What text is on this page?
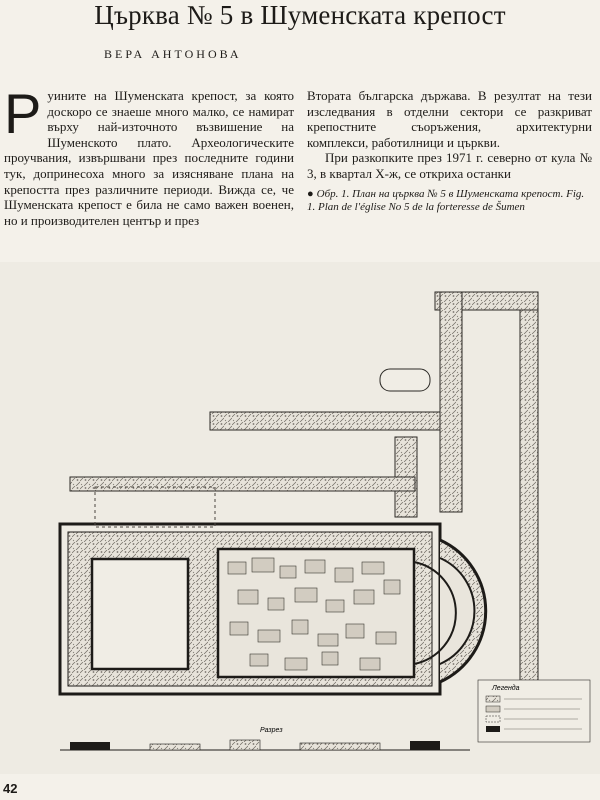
Църква № 5 в Шуменската крепост

ВЕРА АНТОНОВА

Р уините на Шуменската крепост, за която доскоро се знаеше много малко, се намират върху най-източното възвишение на Шуменското плато. Археологическите проучвания, извършвани през последните години тук, допринесоха много за изясняване плана на крепостта през различните периоди. Вижда се, че Шуменската крепост е била не само важен военен, но и производителен център и през

Втората българска държава. В резултат на тези изследвания в отделни сектори се разкриват крепостните съоръжения, архитектурни комплекси, работилници и църкви.

При разкопките през 1971 г. северно от кула № 3, в квартал Х-ж, се откриха останки

● Обр. 1. План на църква № 5 в Шуменската крепост. Fig. 1. Plan de l'église No 5 de la forteresse de Šumen

Легенда
Разрез

42
